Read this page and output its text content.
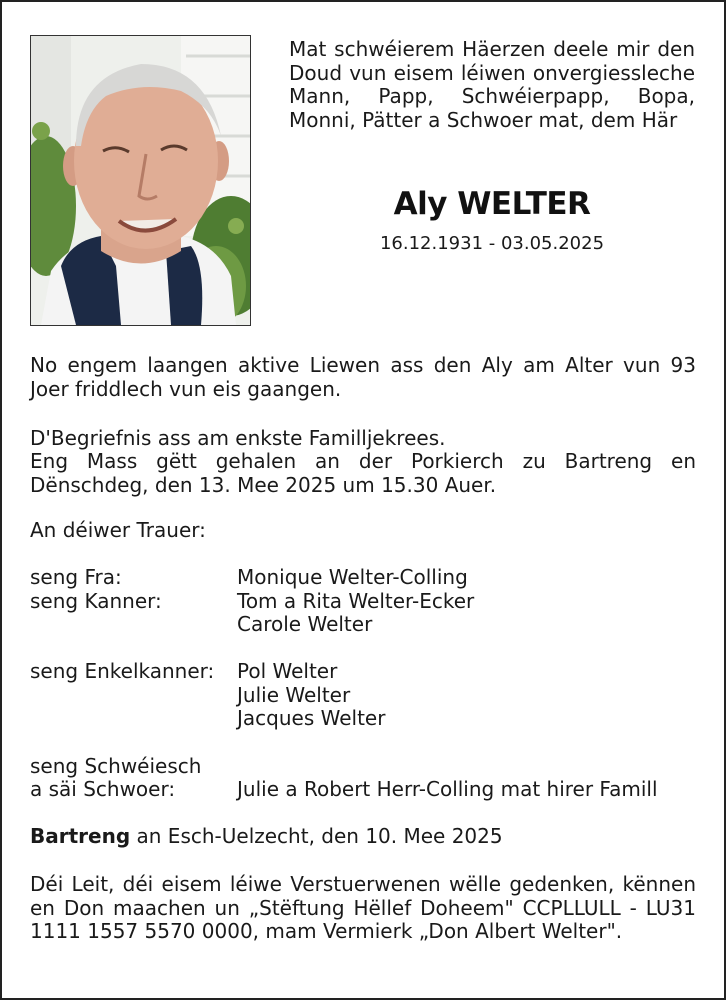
Mat schwéierem Häerzen deele mir den Doud vun eisem léiwen onvergiessleche Mann, Papp, Schwéierpapp, Bopa, Monni, Pätter a Schwoer mat, dem Här
Aly WELTER
16.12.1931 - 03.05.2025
No engem laangen aktive Liewen ass den Aly am Alter vun 93 Joer friddlech vun eis gaangen.
D'Begriefnis ass am enkste Familljekrees.
Eng Mass gëtt gehalen an der Porkierch zu Bartreng en Dënschdeg, den 13. Mee 2025 um 15.30 Auer.
An déiwer Trauer:
seng Fra:	Monique Welter-Colling
seng Kanner:	Tom a Rita Welter-Ecker
Carole Welter
seng Enkelkanner: Pol Welter
Julie Welter
Jacques Welter
seng Schwéiesch
a säi Schwoer:	Julie a Robert Herr-Colling mat hirer Famill
Bartreng an Esch-Uelzecht, den 10. Mee 2025
Déi Leit, déi eisem léiwe Verstuerwenen wëlle gedenken, kënnen en Don maachen un „Stëftung Hëllef Doheem" CCPLLULL - LU31 1111 1557 5570 0000, mam Vermierk „Don Albert Welter".
